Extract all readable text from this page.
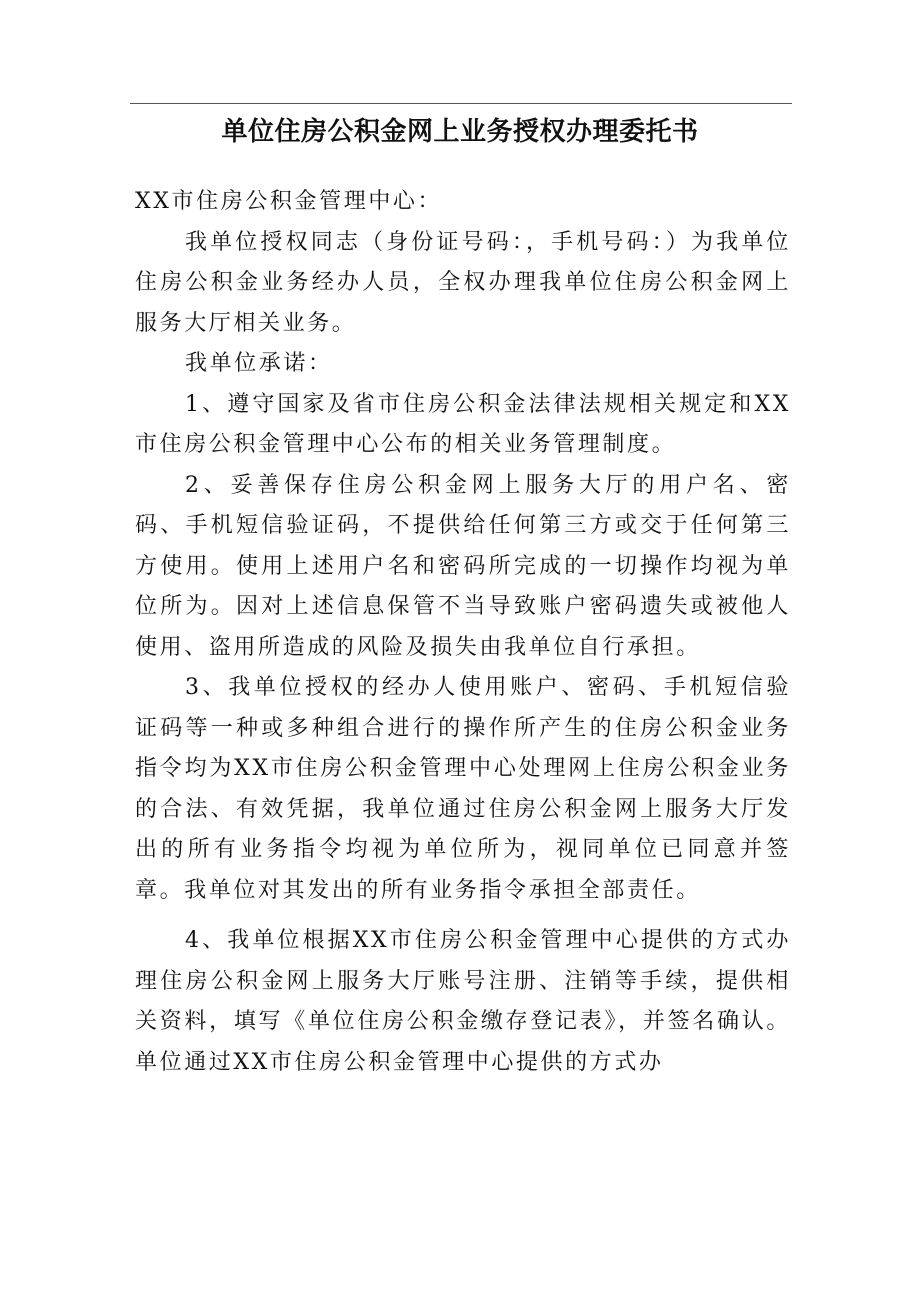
单位住房公积金网上业务授权办理委托书

XX市住房公积金管理中心：

我单位授权同志（身份证号码：，手机号码：）为我单位住房公积金业务经办人员，全权办理我单位住房公积金网上服务大厅相关业务。

我单位承诺：

1、遵守国家及省市住房公积金法律法规相关规定和XX市住房公积金管理中心公布的相关业务管理制度。

2、妥善保存住房公积金网上服务大厅的用户名、密码、手机短信验证码，不提供给任何第三方或交于任何第三方使用。使用上述用户名和密码所完成的一切操作均视为单位所为。因对上述信息保管不当导致账户密码遗失或被他人使用、盗用所造成的风险及损失由我单位自行承担。

3、我单位授权的经办人使用账户、密码、手机短信验证码等一种或多种组合进行的操作所产生的住房公积金业务指令均为XX市住房公积金管理中心处理网上住房公积金业务的合法、有效凭据，我单位通过住房公积金网上服务大厅发出的所有业务指令均视为单位所为，视同单位已同意并签章。我单位对其发出的所有业务指令承担全部责任。

4、我单位根据XX市住房公积金管理中心提供的方式办理住房公积金网上服务大厅账号注册、注销等手续，提供相关资料，填写《单位住房公积金缴存登记表》，并签名确认。单位通过XX市住房公积金管理中心提供的方式办
